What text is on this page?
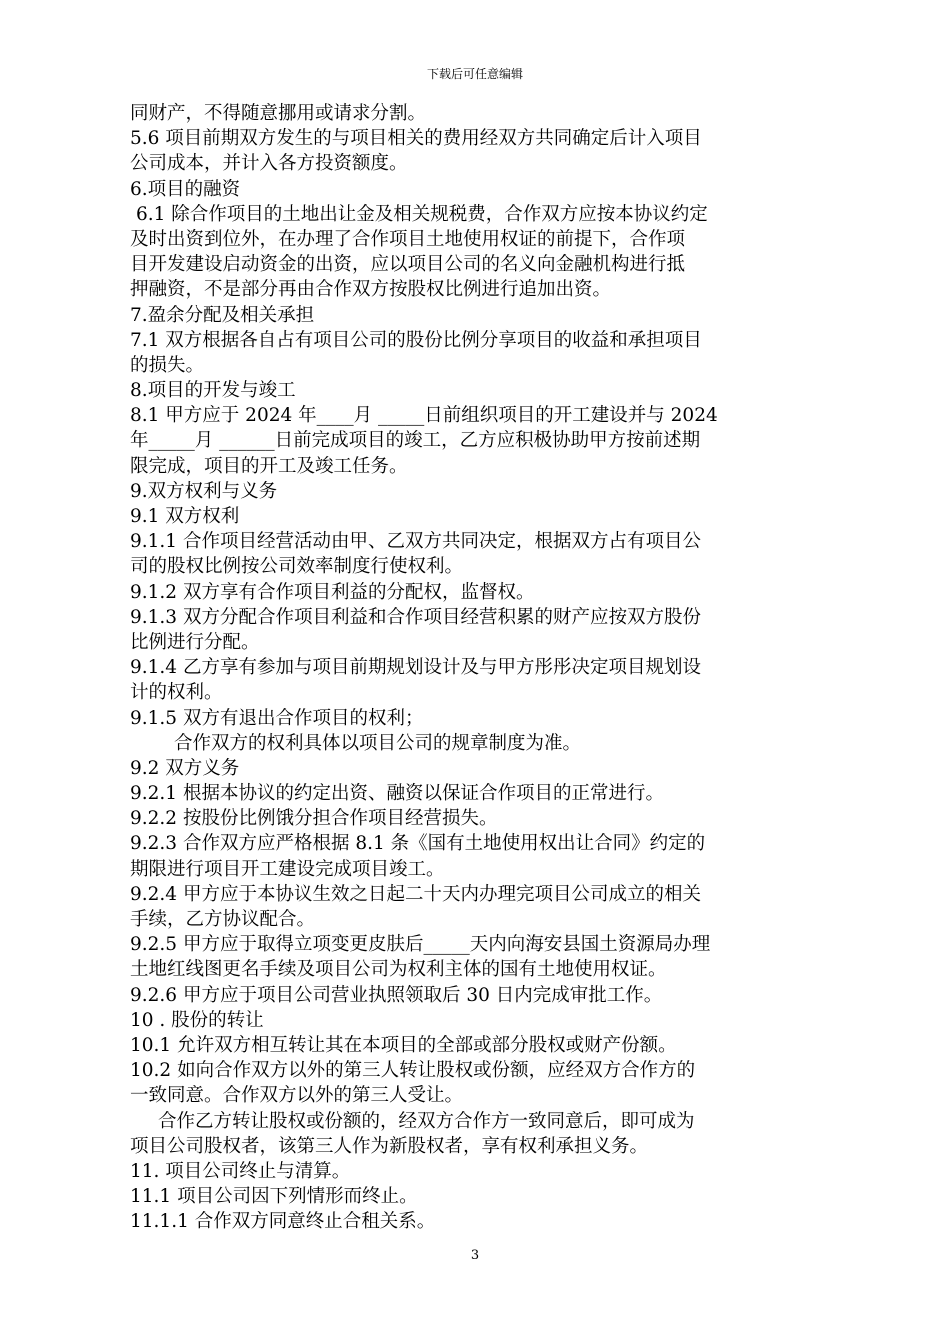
下载后可任意编辑
同财产，不得随意挪用或请求分割。
5.6 项目前期双方发生的与项目相关的费用经双方共同确定后计入项目
公司成本，并计入各方投资额度。
6.项目的融资
6.1 除合作项目的土地出让金及相关规税费，合作双方应按本协议约定
及时出资到位外，在办理了合作项目土地使用权证的前提下，合作项
目开发建设启动资金的出资，应以项目公司的名义向金融机构进行抵
押融资，不是部分再由合作双方按股权比例进行追加出资。
7.盈余分配及相关承担
7.1 双方根据各自占有项目公司的股份比例分享项目的收益和承担项目
的损失。
8.项目的开发与竣工
8.1 甲方应于 2024 年____月 _____日前组织项目的开工建设并与 2024
年_____月 ______日前完成项目的竣工，乙方应积极协助甲方按前述期
限完成，项目的开工及竣工任务。
9.双方权利与义务
9.1 双方权利
9.1.1 合作项目经营活动由甲、乙双方共同决定，根据双方占有项目公
司的股权比例按公司效率制度行使权利。
9.1.2 双方享有合作项目利益的分配权，监督权。
9.1.3 双方分配合作项目利益和合作项目经营积累的财产应按双方股份
比例进行分配。
9.1.4 乙方享有参加与项目前期规划设计及与甲方彤彤决定项目规划设
计的权利。
9.1.5 双方有退出合作项目的权利；
合作双方的权利具体以项目公司的规章制度为准。
9.2 双方义务
9.2.1 根据本协议的约定出资、融资以保证合作项目的正常进行。
9.2.2 按股份比例饿分担合作项目经营损失。
9.2.3 合作双方应严格根据 8.1 条《国有土地使用权出让合同》约定的
期限进行项目开工建设完成项目竣工。
9.2.4 甲方应于本协议生效之日起二十天内办理完项目公司成立的相关
手续，乙方协议配合。
9.2.5 甲方应于取得立项变更皮肤后_____天内向海安县国土资源局办理
土地红线图更名手续及项目公司为权利主体的国有土地使用权证。
9.2.6 甲方应于项目公司营业执照领取后 30 日内完成审批工作。
10 . 股份的转让
10.1 允许双方相互转让其在本项目的全部或部分股权或财产份额。
10.2 如向合作双方以外的第三人转让股权或份额，应经双方合作方的
一致同意。合作双方以外的第三人受让。
合作乙方转让股权或份额的，经双方合作方一致同意后，即可成为
项目公司股权者，该第三人作为新股权者，享有权利承担义务。
11. 项目公司终止与清算。
11.1 项目公司因下列情形而终止。
11.1.1 合作双方同意终止合租关系。
3
